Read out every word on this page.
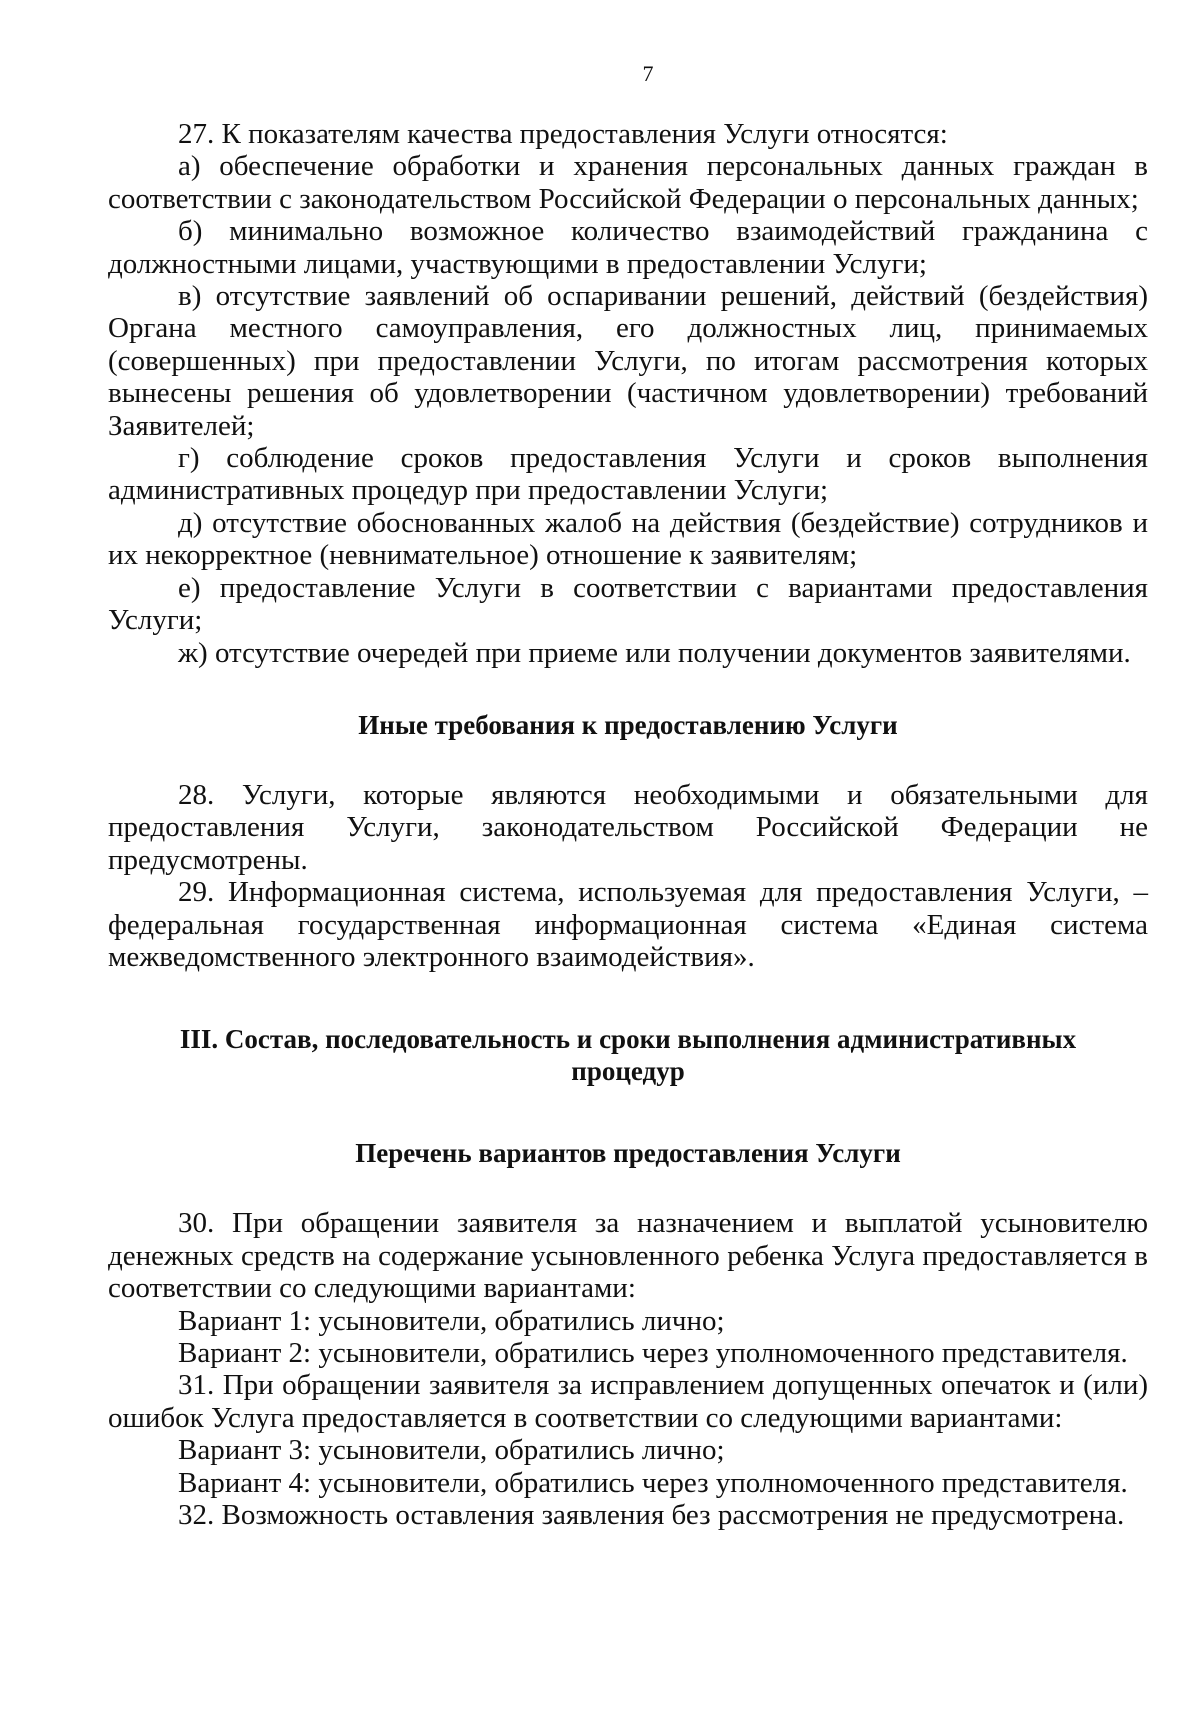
7

27. К показателям качества предоставления Услуги относятся:

а) обеспечение обработки и хранения персональных данных граждан в соответствии с законодательством Российской Федерации о персональных данных;

б) минимально возможное количество взаимодействий гражданина с должностными лицами, участвующими в предоставлении Услуги;

в) отсутствие заявлений об оспаривании решений, действий (бездействия) Органа местного самоуправления, его должностных лиц, принимаемых (совершенных) при предоставлении Услуги, по итогам рассмотрения которых вынесены решения об удовлетворении (частичном удовлетворении) требований Заявителей;

г) соблюдение сроков предоставления Услуги и сроков выполнения административных процедур при предоставлении Услуги;

д) отсутствие обоснованных жалоб на действия (бездействие) сотрудников и их некорректное (невнимательное) отношение к заявителям;

е) предоставление Услуги в соответствии с вариантами предоставления Услуги;

ж) отсутствие очередей при приеме или получении документов заявителями.

Иные требования к предоставлению Услуги

28. Услуги, которые являются необходимыми и обязательными для предоставления Услуги, законодательством Российской Федерации не предусмотрены.

29. Информационная система, используемая для предоставления Услуги, – федеральная государственная информационная система «Единая система межведомственного электронного взаимодействия».

III. Состав, последовательность и сроки выполнения административных
процедур
Перечень вариантов предоставления Услуги

30. При обращении заявителя за назначением и выплатой усыновителю денежных средств на содержание усыновленного ребенка Услуга предоставляется в соответствии со следующими вариантами:

Вариант 1: усыновители, обратились лично;

Вариант 2: усыновители, обратились через уполномоченного представителя.

31. При обращении заявителя за исправлением допущенных опечаток и (или) ошибок Услуга предоставляется в соответствии со следующими вариантами:

Вариант 3: усыновители, обратились лично;

Вариант 4: усыновители, обратились через уполномоченного представителя.

32. Возможность оставления заявления без рассмотрения не предусмотрена.
